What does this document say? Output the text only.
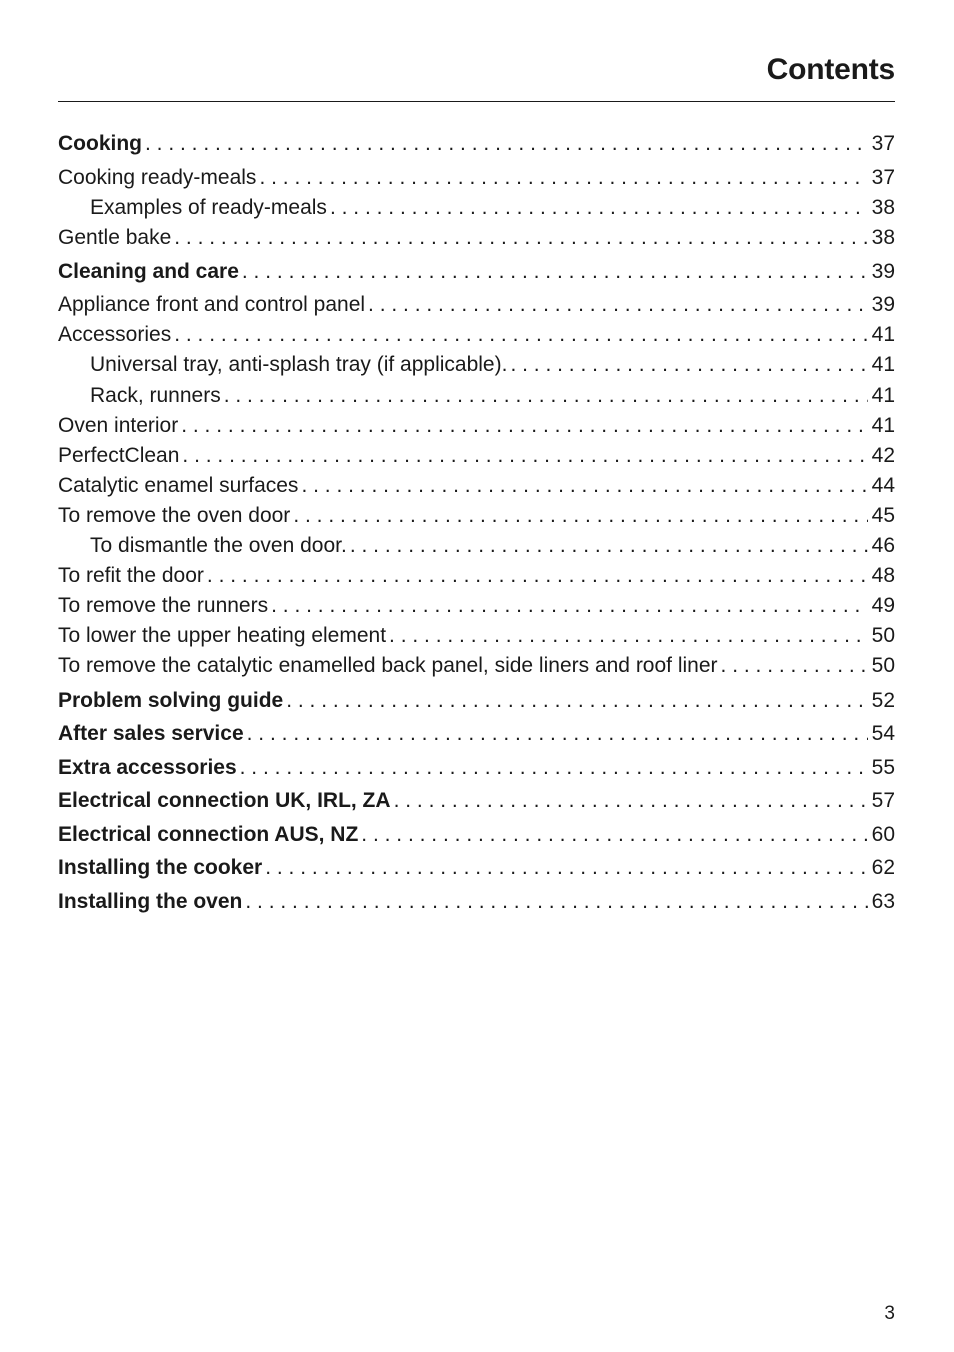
Contents
Cooking . . .	37
Cooking ready-meals . . .	37
Examples of ready-meals . . .	38
Gentle bake . . .	38
Cleaning and care . . .	39
Appliance front and control panel . . .	39
Accessories . . .	41
Universal tray, anti-splash tray (if applicable). . . .	41
Rack, runners . . .	41
Oven interior . . .	41
PerfectClean . . .	42
Catalytic enamel surfaces . . .	44
To remove the oven door . . .	45
To dismantle the oven door. . . .	46
To refit the door . . .	48
To remove the runners . . .	49
To lower the upper heating element . . .	50
To remove the catalytic enamelled back panel, side liners and roof liner . . .	50
Problem solving guide . . .	52
After sales service . . .	54
Extra accessories . . .	55
Electrical connection UK, IRL, ZA . . .	57
Electrical connection AUS, NZ . . .	60
Installing the cooker . . .	62
Installing the oven . . .	63
3
